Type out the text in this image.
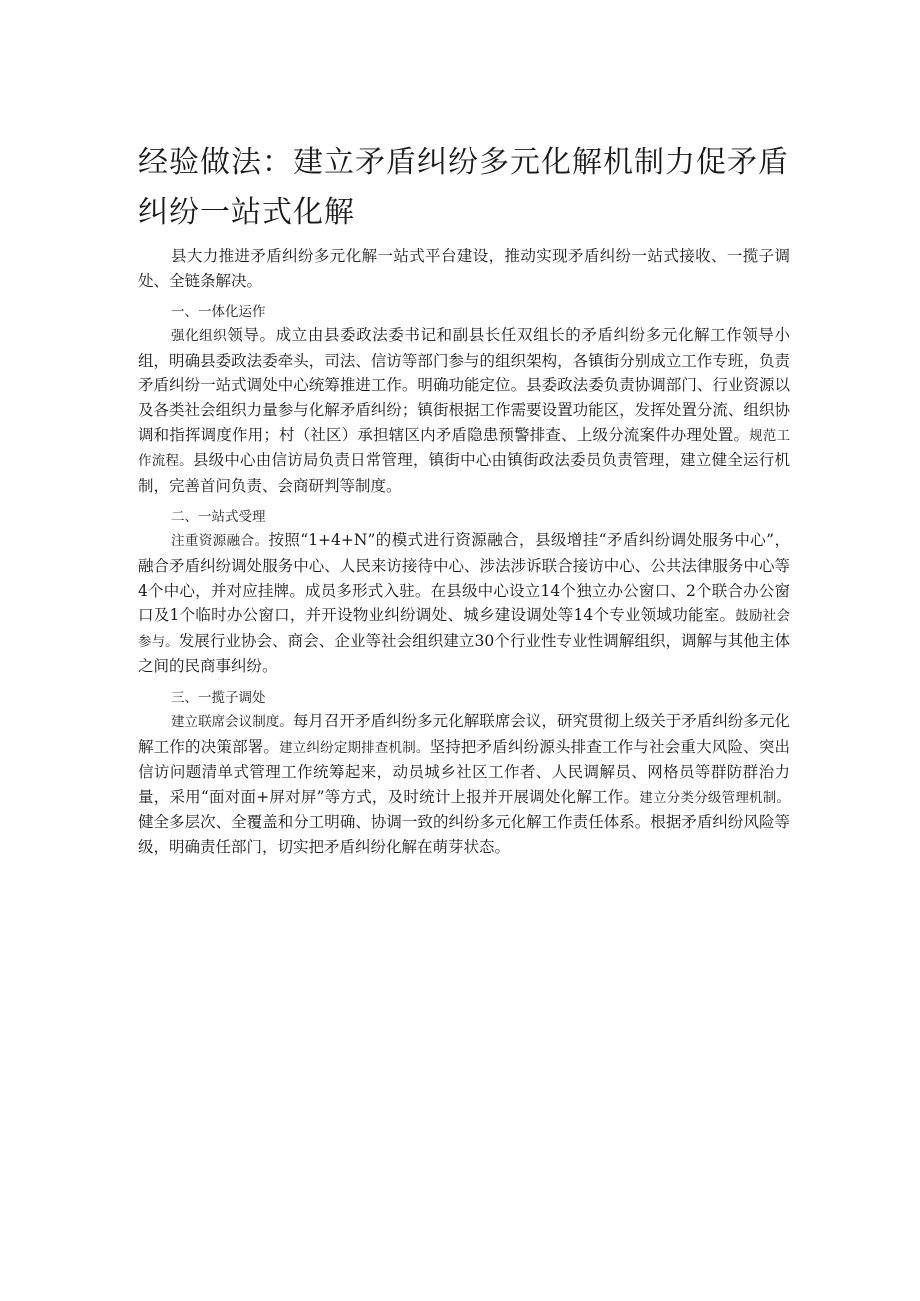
经验做法：建立矛盾纠纷多元化解机制力促矛盾纠纷一站式化解

县大力推进矛盾纠纷多元化解一站式平台建设，推动实现矛盾纠纷一站式接收、一揽子调处、全链条解决。

一、一体化运作

强化组织领导。成立由县委政法委书记和副县长任双组长的矛盾纠纷多元化解工作领导小组，明确县委政法委牵头，司法、信访等部门参与的组织架构，各镇街分别成立工作专班，负责矛盾纠纷一站式调处中心统筹推进工作。明确功能定位。县委政法委负责协调部门、行业资源以及各类社会组织力量参与化解矛盾纠纷；镇街根据工作需要设置功能区，发挥处置分流、组织协调和指挥调度作用；村（社区）承担辖区内矛盾隐患预警排查、上级分流案件办理处置。规范工作流程。县级中心由信访局负责日常管理，镇街中心由镇街政法委员负责管理，建立健全运行机制，完善首问负责、会商研判等制度。

二、一站式受理

注重资源融合。按照“1+4+N”的模式进行资源融合，县级增挂“矛盾纠纷调处服务中心”，融合矛盾纠纷调处服务中心、人民来访接待中心、涉法涉诉联合接访中心、公共法律服务中心等4个中心，并对应挂牌。成员多形式入驻。在县级中心设立14个独立办公窗口、2个联合办公窗口及1个临时办公窗口，并开设物业纠纷调处、城乡建设调处等14个专业领域功能室。鼓励社会参与。发展行业协会、商会、企业等社会组织建立30个行业性专业性调解组织，调解与其他主体之间的民商事纠纷。

三、一揽子调处

建立联席会议制度。每月召开矛盾纠纷多元化解联席会议，研究贯彻上级关于矛盾纠纷多元化解工作的决策部署。建立纠纷定期排查机制。坚持把矛盾纠纷源头排查工作与社会重大风险、突出信访问题清单式管理工作统筹起来，动员城乡社区工作者、人民调解员、网格员等群防群治力量，采用“面对面+屏对屏”等方式，及时统计上报并开展调处化解工作。建立分类分级管理机制。健全多层次、全覆盖和分工明确、协调一致的纠纷多元化解工作责任体系。根据矛盾纠纷风险等级，明确责任部门，切实把矛盾纠纷化解在萌芽状态。
